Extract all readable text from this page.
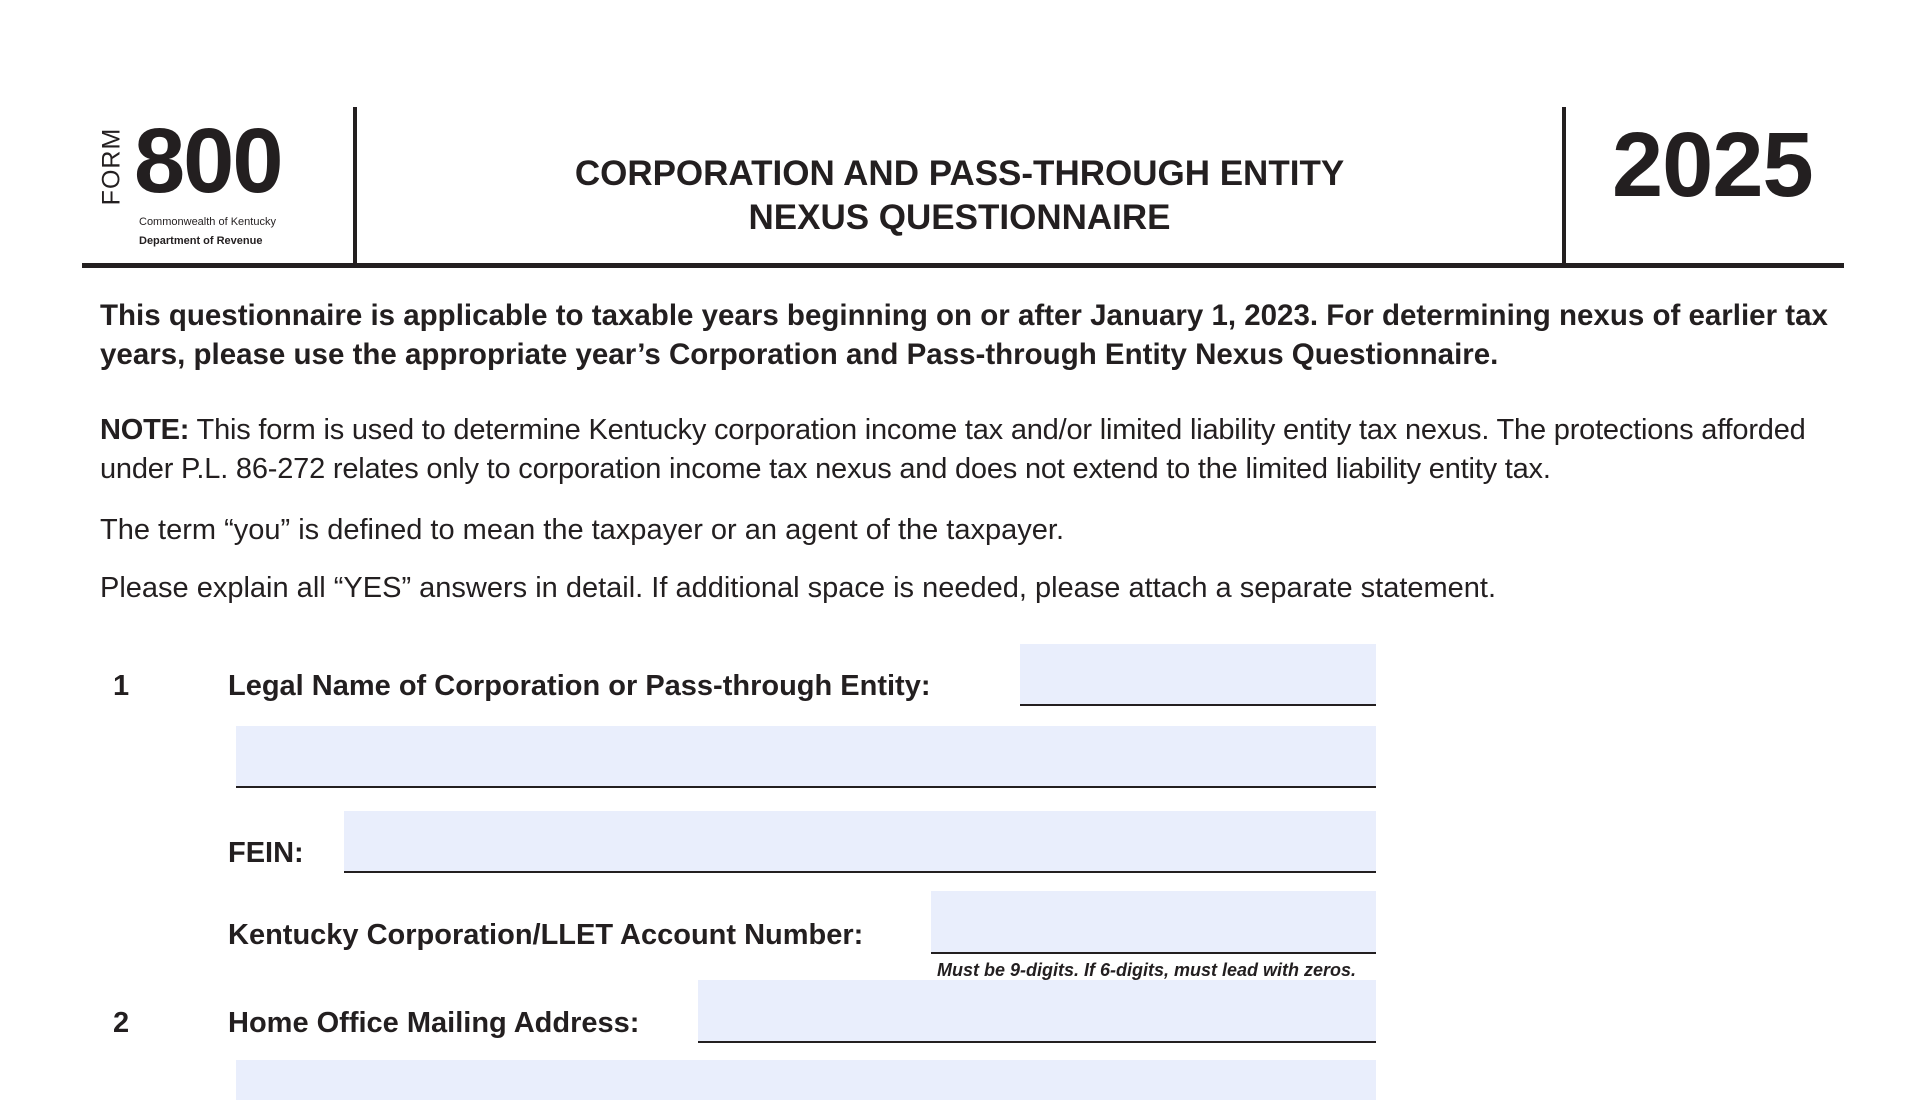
FORM 800
Commonwealth of Kentucky
Department of Revenue
CORPORATION AND PASS-THROUGH ENTITY
NEXUS QUESTIONNAIRE
2025
This questionnaire is applicable to taxable years beginning on or after January 1, 2023. For determining nexus of earlier tax years, please use the appropriate year’s Corporation and Pass-through Entity Nexus Questionnaire.
NOTE: This form is used to determine Kentucky corporation income tax and/or limited liability entity tax nexus. The protections afforded under P.L. 86-272 relates only to corporation income tax nexus and does not extend to the limited liability entity tax.
The term “you” is defined to mean the taxpayer or an agent of the taxpayer.
Please explain all “YES” answers in detail. If additional space is needed, please attach a separate statement.
1	Legal Name of Corporation or Pass-through Entity:
FEIN:
Kentucky Corporation/LLET Account Number:
Must be 9-digits. If 6-digits, must lead with zeros.
2	Home Office Mailing Address:
